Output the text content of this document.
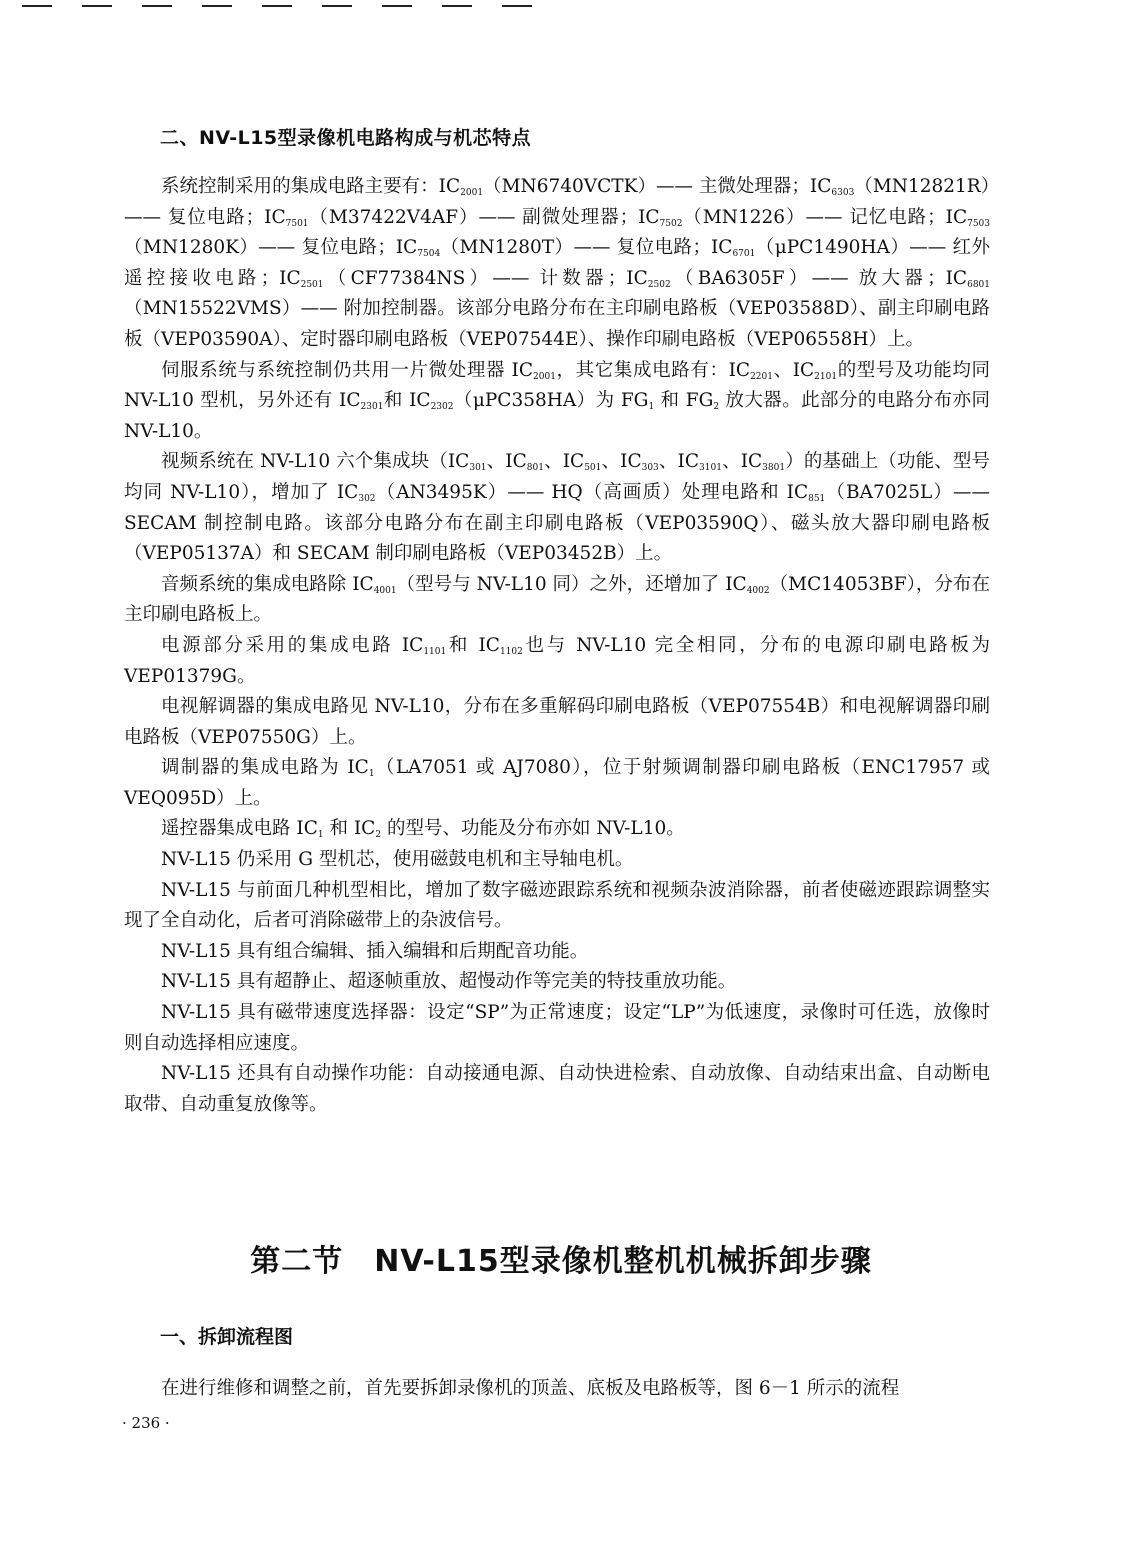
二、NV-L15型录像机电路构成与机芯特点

系统控制采用的集成电路主要有：$IC_{2001}(MN6740VCTK)——$ 主微处理器；$IC_{6303}(MN12821R)——$ 复位电路；$IC_{7501}(M37422V4AF)——$ 副微处理器；$IC_{7502}(MN1226)——$ 记忆电路；$IC_{7503}(MN1280K)——$ 复位电路；$IC_{7504}(MN1280T)——$ 复位电路；$IC_{6701}(\mu PC1490HA)——$ 红外遥控接收电路；$IC_{2501}(CF77384NS)——$ 计数器；$IC_{2502}(BA6305F)——$ 放大器；$IC_{6801}(MN15522VMS)——$ 附加控制器。该部分电路分布在主印刷电路板（VEP03588D）、副主印刷电路板（VEP03590A）、定时器印刷电路板（VEP07544E）、操作印刷电路板（VEP06558H）上。

伺服系统与系统控制仍共用一片微处理器 $IC_{2001}$，其它集成电路有：$IC_{2201}$、$IC_{2101}$的型号及功能均同 NV-L10 型机，另外还有 $IC_{2301}$和 $IC_{2302}(\mu PC358HA)$为 $FG_1$ 和 $FG_2$ 放大器。此部分的电路分布亦同 NV-L10。

视频系统在 NV-L10 六个集成块（$IC_{301}$、$IC_{801}$、$IC_{501}$、$IC_{303}$、$IC_{3101}$、$IC_{3801}$）的基础上（功能、型号均同 NV-L10），增加了 $IC_{302}(AN3495K)——$ HQ（高画质）处理电路和 $IC_{851}(BA7025L)——$ SECAM 制控制电路。该部分电路分布在副主印刷电路板（VEP03590Q）、磁头放大器印刷电路板（VEP05137A）和 SECAM 制印刷电路板（VEP03452B）上。

音频系统的集成电路除 $IC_{4001}$（型号与 NV-L10 同）之外，还增加了 $IC_{4002}(MC14053BF)$，分布在主印刷电路板上。

电源部分采用的集成电路 $IC_{1101}$和 $IC_{1102}$也与 NV-L10 完全相同，分布的电源印刷电路板为 VEP01379G。

电视解调器的集成电路见 NV-L10，分布在多重解码印刷电路板（VEP07554B）和电视解调器印刷电路板（VEP07550G）上。

调制器的集成电路为 $IC_1(LA7051$ 或 AJ7080），位于射频调制器印刷电路板（ENC17957 或 VEQ095D）上。

遥控器集成电路 $IC_1$ 和 $IC_2$ 的型号、功能及分布亦如 NV-L10。

NV-L15 仍采用 G 型机芯，使用磁鼓电机和主导轴电机。

NV-L15 与前面几种机型相比，增加了数字磁迹跟踪系统和视频杂波消除器，前者使磁迹跟踪调整实现了全自动化，后者可消除磁带上的杂波信号。

NV-L15 具有组合编辑、插入编辑和后期配音功能。

NV-L15 具有超静止、超逐帧重放、超慢动作等完美的特技重放功能。

NV-L15 具有磁带速度选择器：设定“SP”为正常速度；设定“LP”为低速度，录像时可任选，放像时则自动选择相应速度。

NV-L15 还具有自动操作功能：自动接通电源、自动快进检索、自动放像、自动结束出盒、自动断电取带、自动重复放像等。

第二节　NV-L15型录像机整机机械拆卸步骤
一、拆卸流程图

在进行维修和调整之前，首先要拆卸录像机的顶盖、底板及电路板等，图 6－1 所示的流程

· 236 ·
